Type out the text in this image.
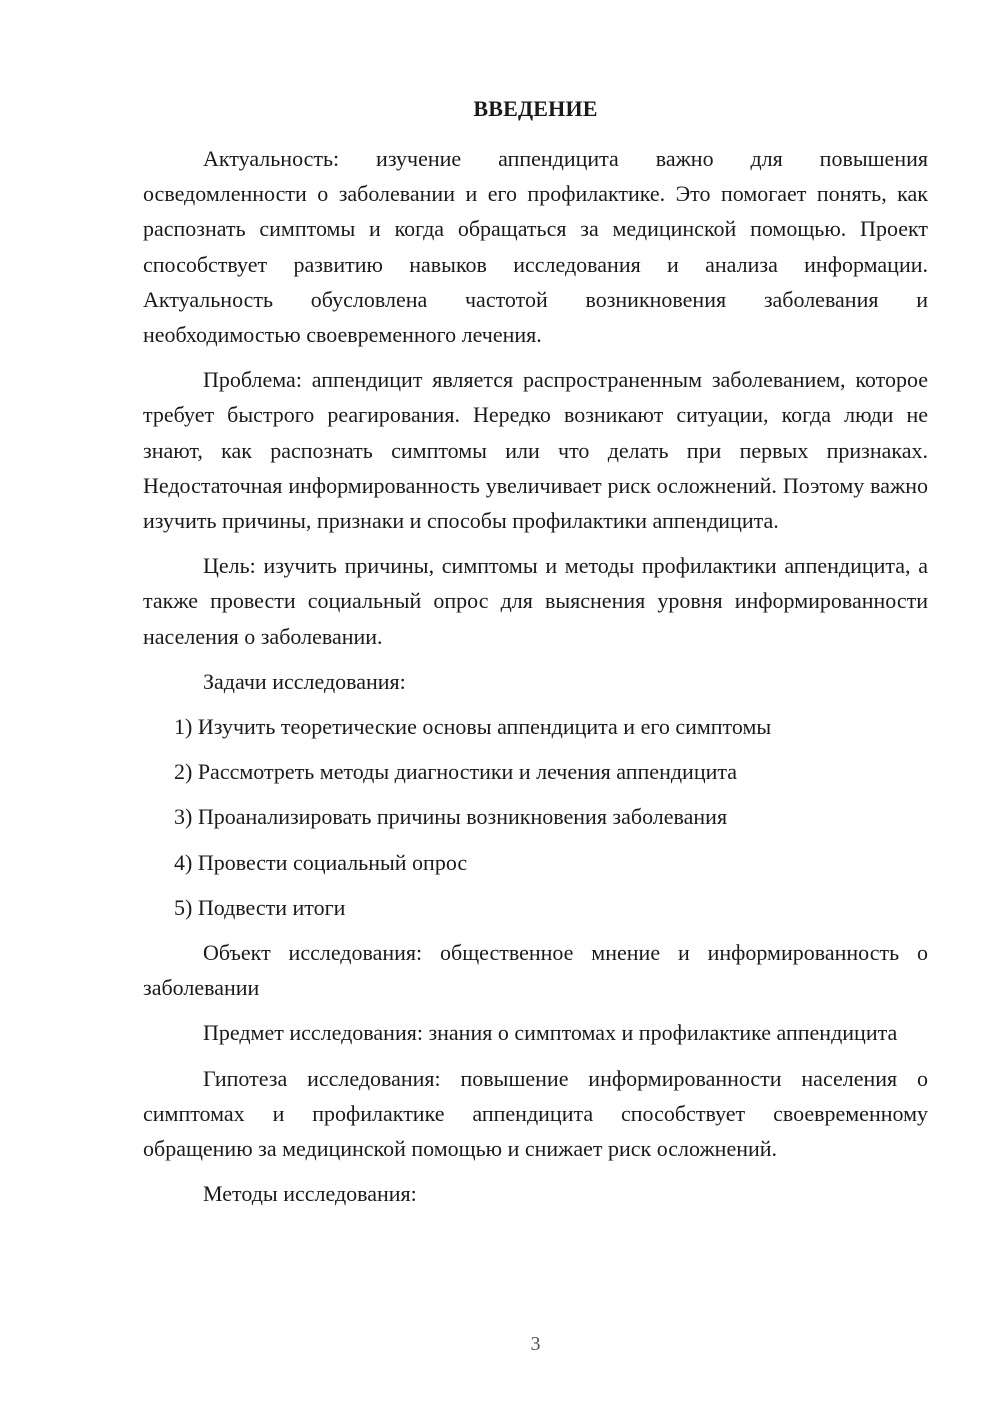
ВВЕДЕНИЕ

Актуальность: изучение аппендицита важно для повышения осведомленности о заболевании и его профилактике. Это помогает понять, как распознать симптомы и когда обращаться за медицинской помощью. Проект способствует развитию навыков исследования и анализа информации. Актуальность обусловлена частотой возникновения заболевания и необходимостью своевременного лечения.

Проблема: аппендицит является распространенным заболеванием, которое требует быстрого реагирования. Нередко возникают ситуации, когда люди не знают, как распознать симптомы или что делать при первых признаках. Недостаточная информированность увеличивает риск осложнений. Поэтому важно изучить причины, признаки и способы профилактики аппендицита.

Цель: изучить причины, симптомы и методы профилактики аппендицита, а также провести социальный опрос для выяснения уровня информированности населения о заболевании.

Задачи исследования:

1) Изучить теоретические основы аппендицита и его симптомы

2) Рассмотреть методы диагностики и лечения аппендицита

3) Проанализировать причины возникновения заболевания

4) Провести социальный опрос

5) Подвести итоги

Объект исследования: общественное мнение и информированность о заболевании

Предмет исследования: знания о симптомах и профилактике аппендицита

Гипотеза исследования: повышение информированности населения о симптомах и профилактике аппендицита способствует своевременному обращению за медицинской помощью и снижает риск осложнений.

Методы исследования:

3
